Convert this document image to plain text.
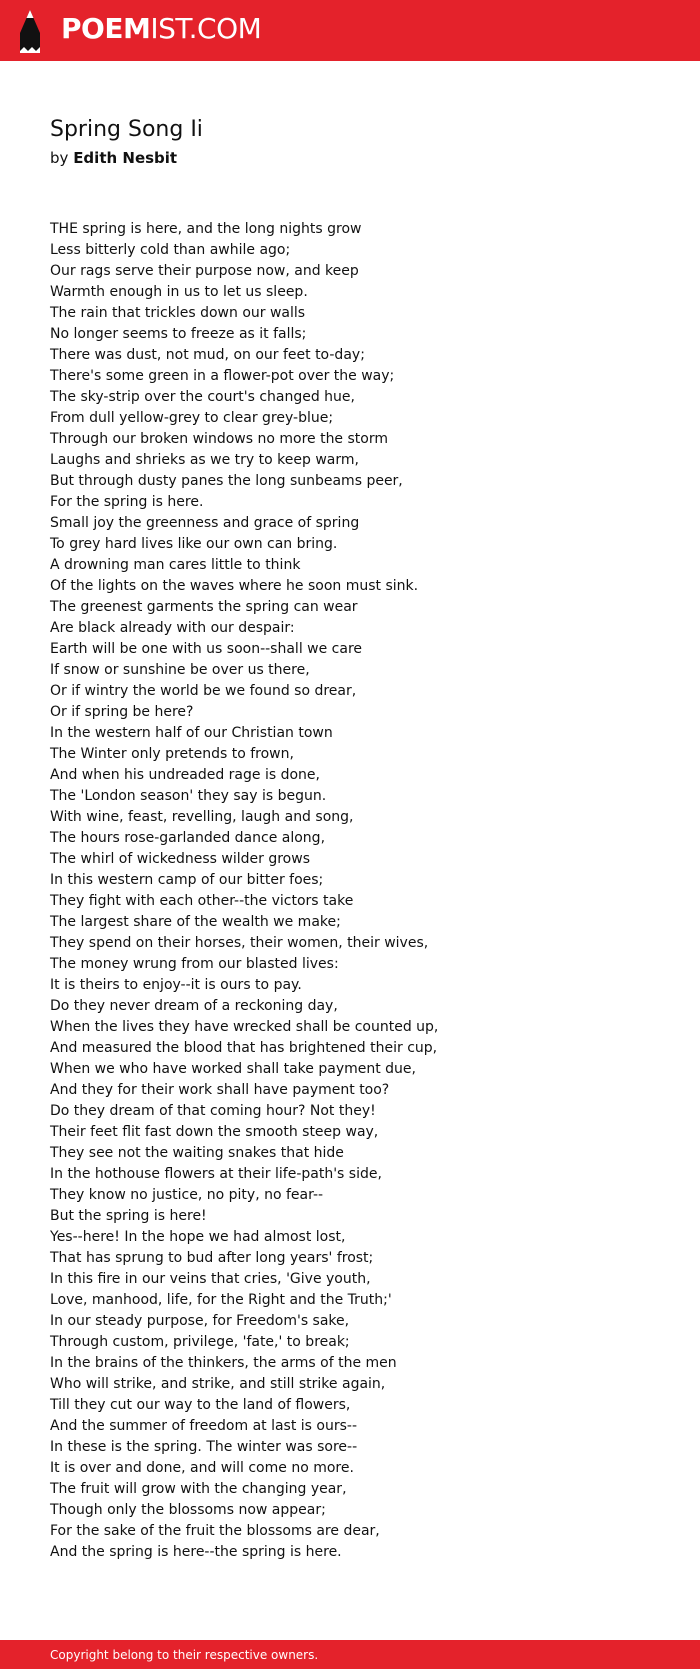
POEMIST.COM
Spring Song Ii
by Edith Nesbit
THE spring is here, and the long nights grow
Less bitterly cold than awhile ago;
Our rags serve their purpose now, and keep
Warmth enough in us to let us sleep.
The rain that trickles down our walls
No longer seems to freeze as it falls;
There was dust, not mud, on our feet to-day;
There's some green in a flower-pot over the way;
The sky-strip over the court's changed hue,
From dull yellow-grey to clear grey-blue;
Through our broken windows no more the storm
Laughs and shrieks as we try to keep warm,
But through dusty panes the long sunbeams peer,
For the spring is here.
Small joy the greenness and grace of spring
To grey hard lives like our own can bring.
A drowning man cares little to think
Of the lights on the waves where he soon must sink.
The greenest garments the spring can wear
Are black already with our despair:
Earth will be one with us soon--shall we care
If snow or sunshine be over us there,
Or if wintry the world be we found so drear,
Or if spring be here?
In the western half of our Christian town
The Winter only pretends to frown,
And when his undreaded rage is done,
The 'London season' they say is begun.
With wine, feast, revelling, laugh and song,
The hours rose-garlanded dance along,
The whirl of wickedness wilder grows
In this western camp of our bitter foes;
They fight with each other--the victors take
The largest share of the wealth we make;
They spend on their horses, their women, their wives,
The money wrung from our blasted lives:
It is theirs to enjoy--it is ours to pay.
Do they never dream of a reckoning day,
When the lives they have wrecked shall be counted up,
And measured the blood that has brightened their cup,
When we who have worked shall take payment due,
And they for their work shall have payment too?
Do they dream of that coming hour? Not they!
Their feet flit fast down the smooth steep way,
They see not the waiting snakes that hide
In the hothouse flowers at their life-path's side,
They know no justice, no pity, no fear--
But the spring is here!
Yes--here! In the hope we had almost lost,
That has sprung to bud after long years' frost;
In this fire in our veins that cries, 'Give youth,
Love, manhood, life, for the Right and the Truth;'
In our steady purpose, for Freedom's sake,
Through custom, privilege, 'fate,' to break;
In the brains of the thinkers, the arms of the men
Who will strike, and strike, and still strike again,
Till they cut our way to the land of flowers,
And the summer of freedom at last is ours--
In these is the spring. The winter was sore--
It is over and done, and will come no more.
The fruit will grow with the changing year,
Though only the blossoms now appear;
For the sake of the fruit the blossoms are dear,
And the spring is here--the spring is here.
Copyright belong to their respective owners.
